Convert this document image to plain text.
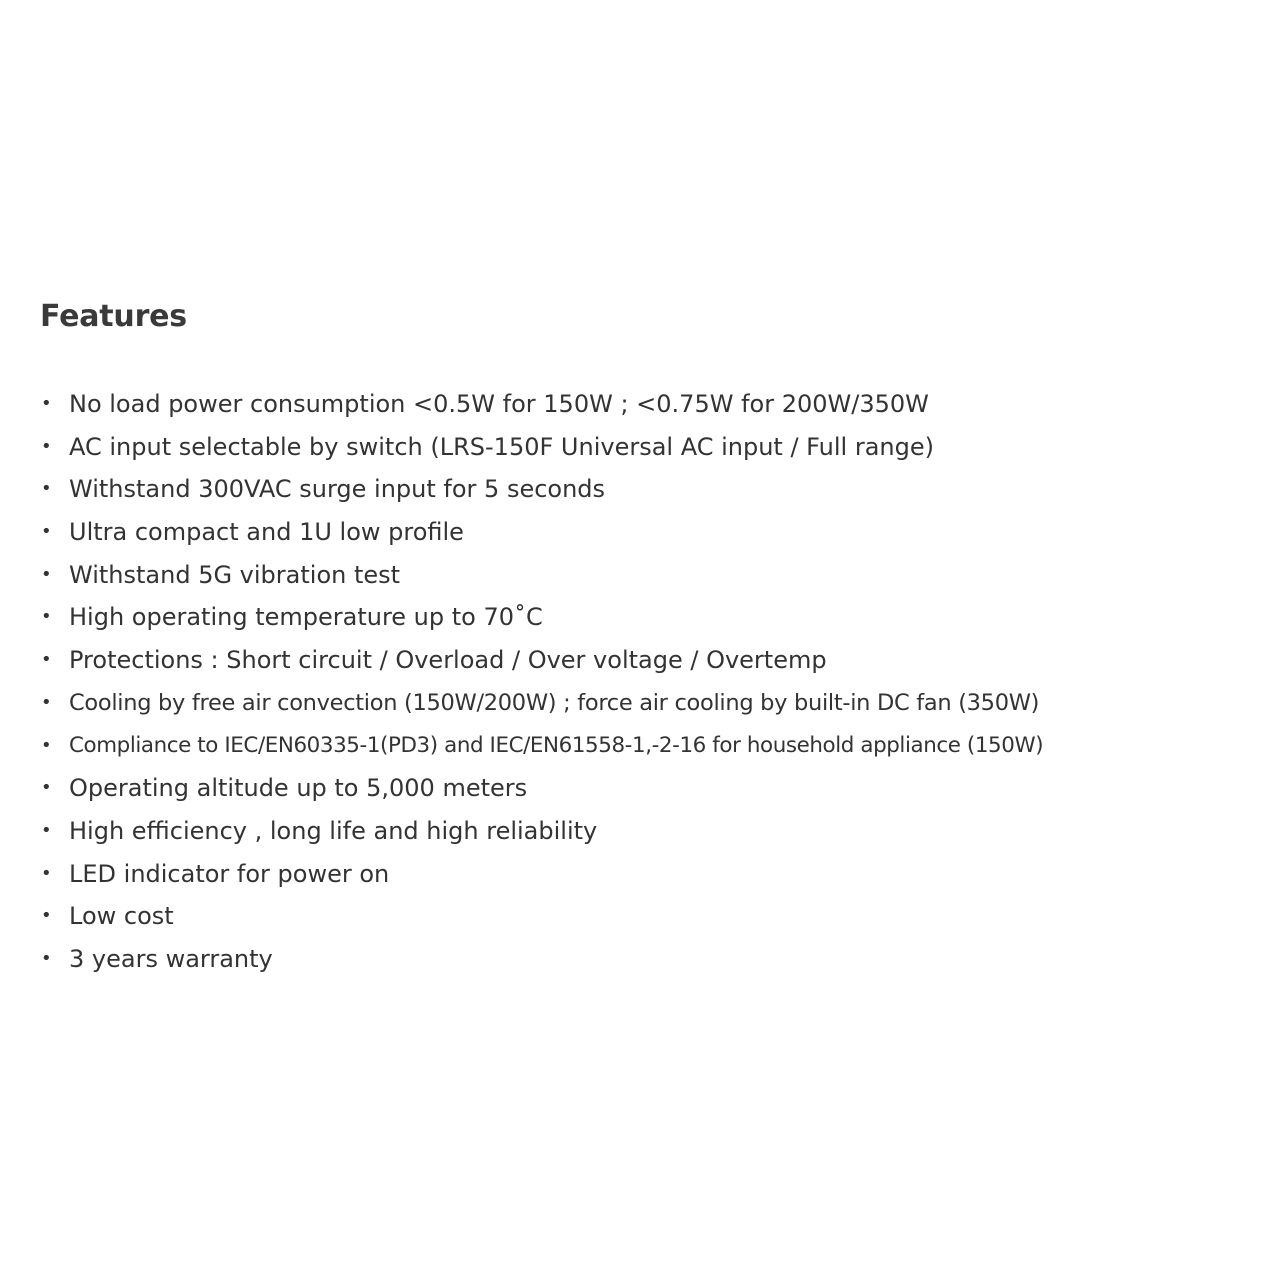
Features
• No load power consumption <0.5W for 150W ; <0.75W for 200W/350W
• AC input selectable by switch (LRS-150F Universal AC input / Full range)
• Withstand 300VAC surge input for 5 seconds
• Ultra compact and 1U low profile
• Withstand 5G vibration test
• High operating temperature up to 70˚C
• Protections : Short circuit / Overload / Over voltage / Overtemp
• Cooling by free air convection (150W/200W) ; force air cooling by built-in DC fan (350W)
• Compliance to IEC/EN60335-1(PD3) and IEC/EN61558-1,-2-16 for household appliance (150W)
• Operating altitude up to 5,000 meters
• High efficiency , long life and high reliability
• LED indicator for power on
• Low cost
• 3 years warranty
